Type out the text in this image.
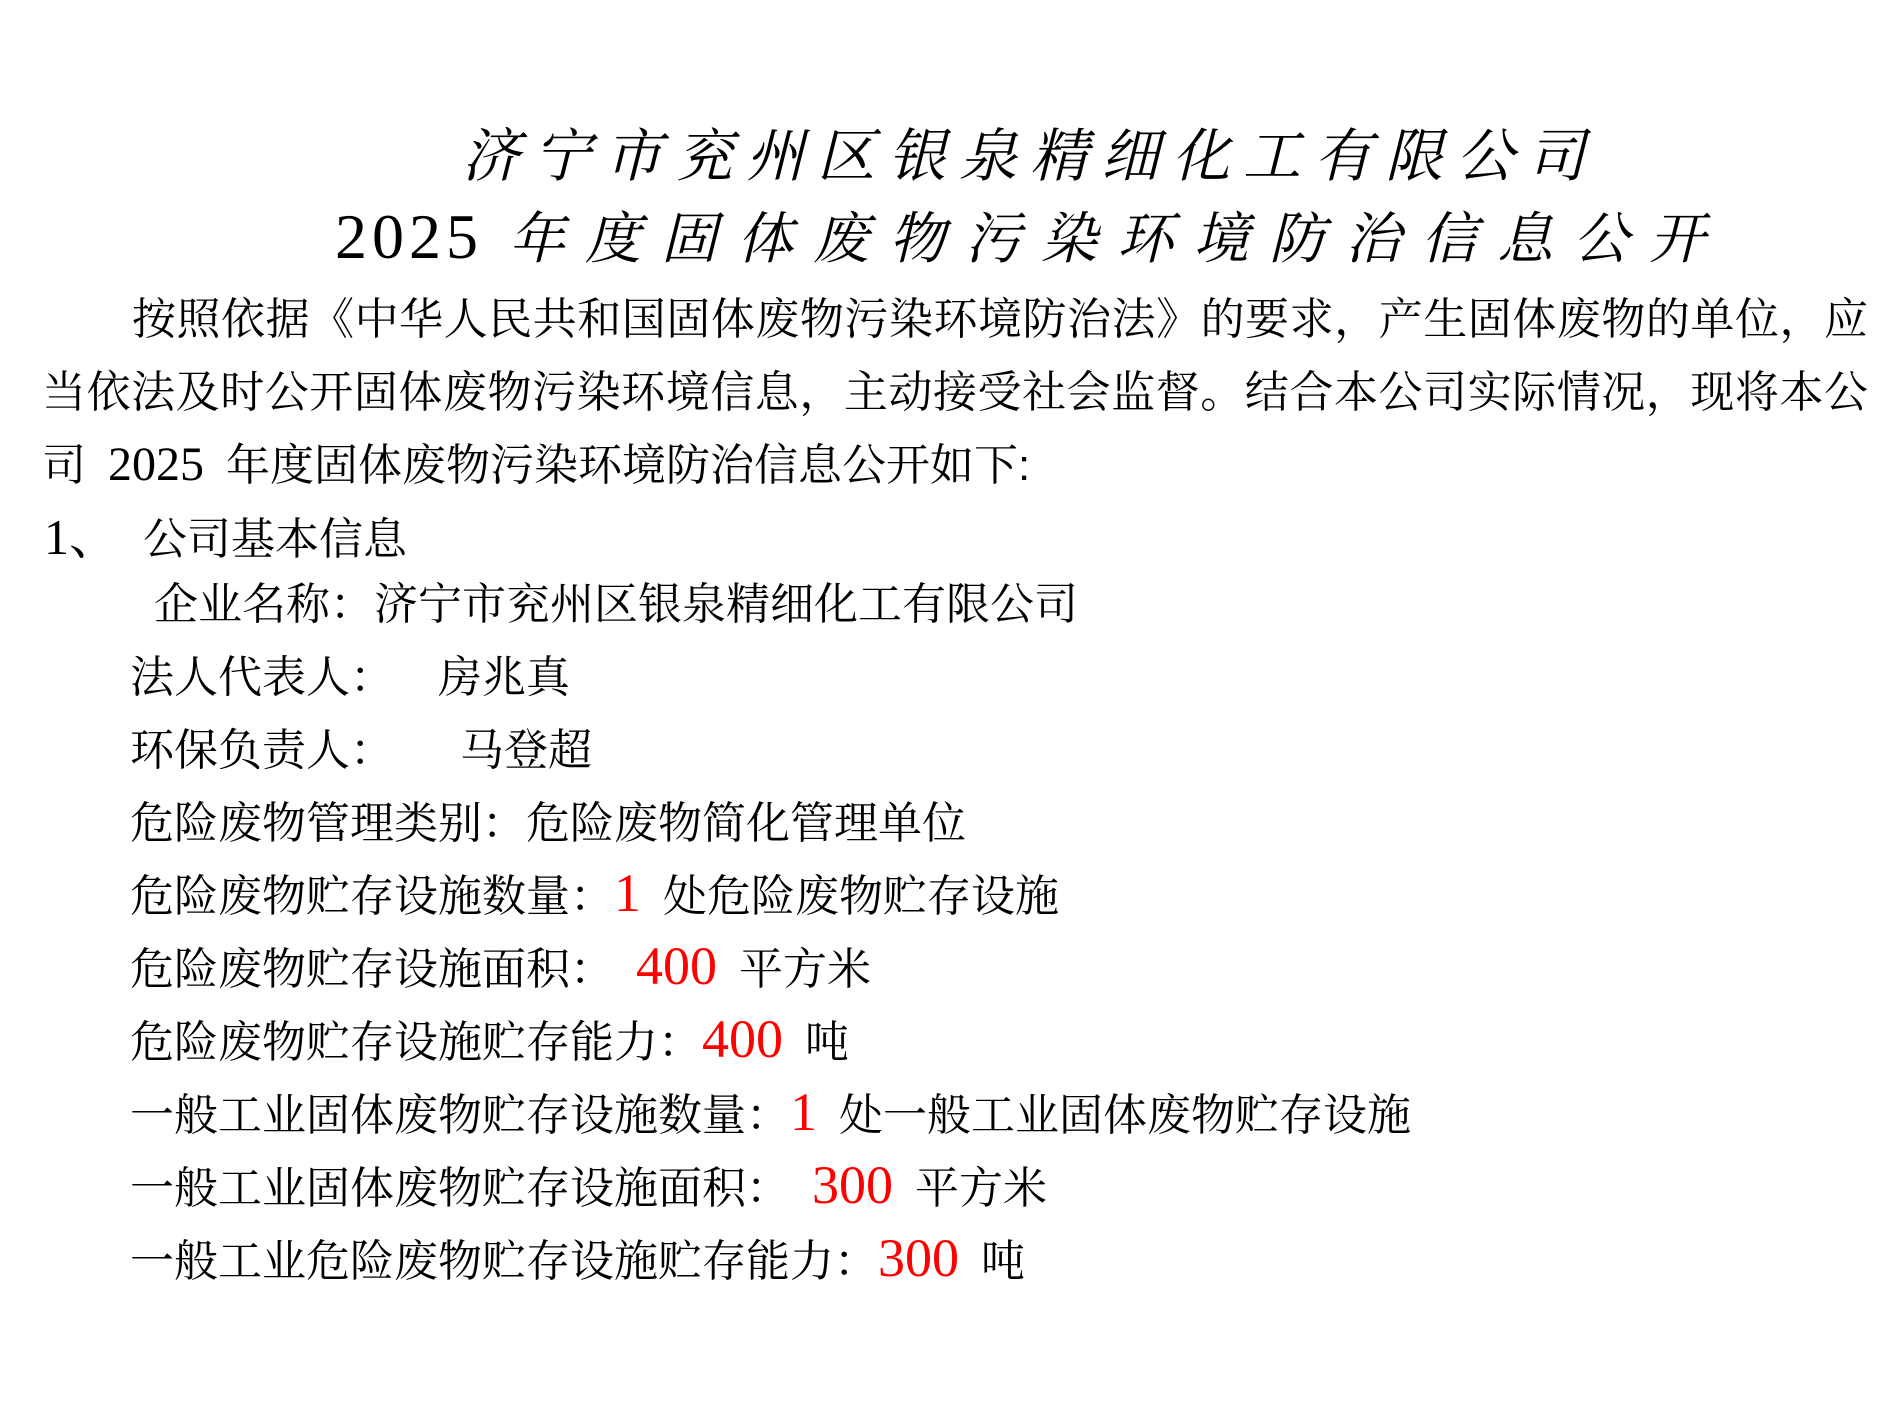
济宁市兖州区银泉精细化工有限公司
2025 年度固体废物污染环境防治信息公开
按照依据《中华人民共和国固体废物污染环境防治法》的要求，产生固体废物的单位，应
当依法及时公开固体废物污染环境信息，主动接受社会监督。结合本公司实际情况，现将本公
司 2025 年度固体废物污染环境防治信息公开如下:
1、 公司基本信息
企业名称：济宁市兖州区银泉精细化工有限公司
法人代表人：　 房兆真
环保负责人：　　马登超
危险废物管理类别：危险废物简化管理单位
危险废物贮存设施数量：1 处危险废物贮存设施
危险废物贮存设施面积： 400 平方米
危险废物贮存设施贮存能力：400 吨
一般工业固体废物贮存设施数量：1 处一般工业固体废物贮存设施
一般工业固体废物贮存设施面积：　300 平方米
一般工业危险废物贮存设施贮存能力：300 吨
